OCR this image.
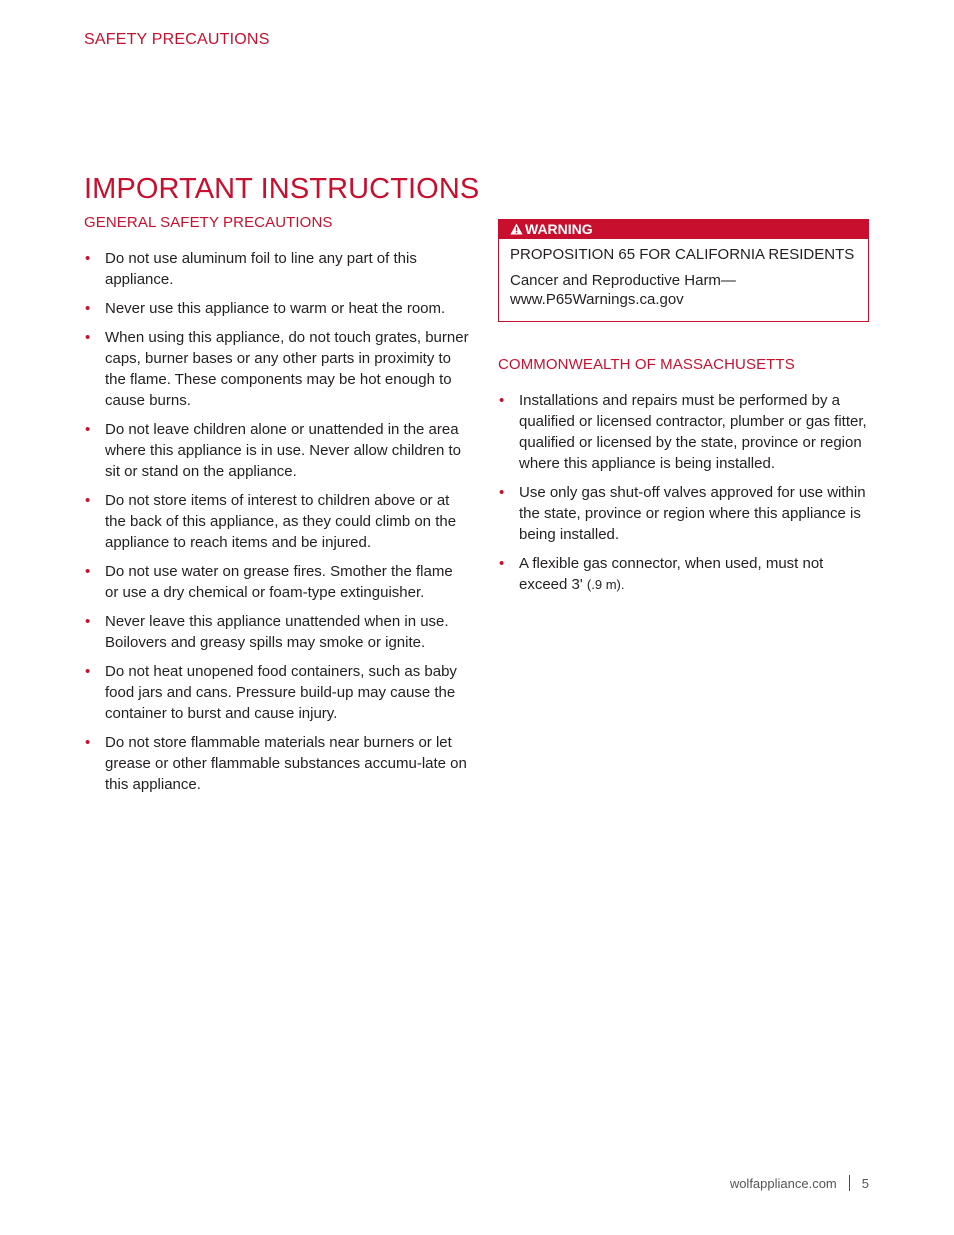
SAFETY PRECAUTIONS
IMPORTANT INSTRUCTIONS
GENERAL SAFETY PRECAUTIONS
• Do not use aluminum foil to line any part of this appliance.
• Never use this appliance to warm or heat the room.
• When using this appliance, do not touch grates, burner caps, burner bases or any other parts in proximity to the flame. These components may be hot enough to cause burns.
• Do not leave children alone or unattended in the area where this appliance is in use. Never allow children to sit or stand on the appliance.
• Do not store items of interest to children above or at the back of this appliance, as they could climb on the appliance to reach items and be injured.
• Do not use water on grease fires. Smother the flame or use a dry chemical or foam-type extinguisher.
• Never leave this appliance unattended when in use. Boilovers and greasy spills may smoke or ignite.
• Do not heat unopened food containers, such as baby food jars and cans. Pressure build-up may cause the container to burst and cause injury.
• Do not store flammable materials near burners or let grease or other flammable substances accumu-late on this appliance.
WARNING
PROPOSITION 65 FOR CALIFORNIA RESIDENTS
Cancer and Reproductive Harm—
www.P65Warnings.ca.gov
COMMONWEALTH OF MASSACHUSETTS
• Installations and repairs must be performed by a qualified or licensed contractor, plumber or gas fitter, qualified or licensed by the state, province or region where this appliance is being installed.
• Use only gas shut-off valves approved for use within the state, province or region where this appliance is being installed.
• A flexible gas connector, when used, must not exceed 3' (.9 m).
wolfappliance.com 5
